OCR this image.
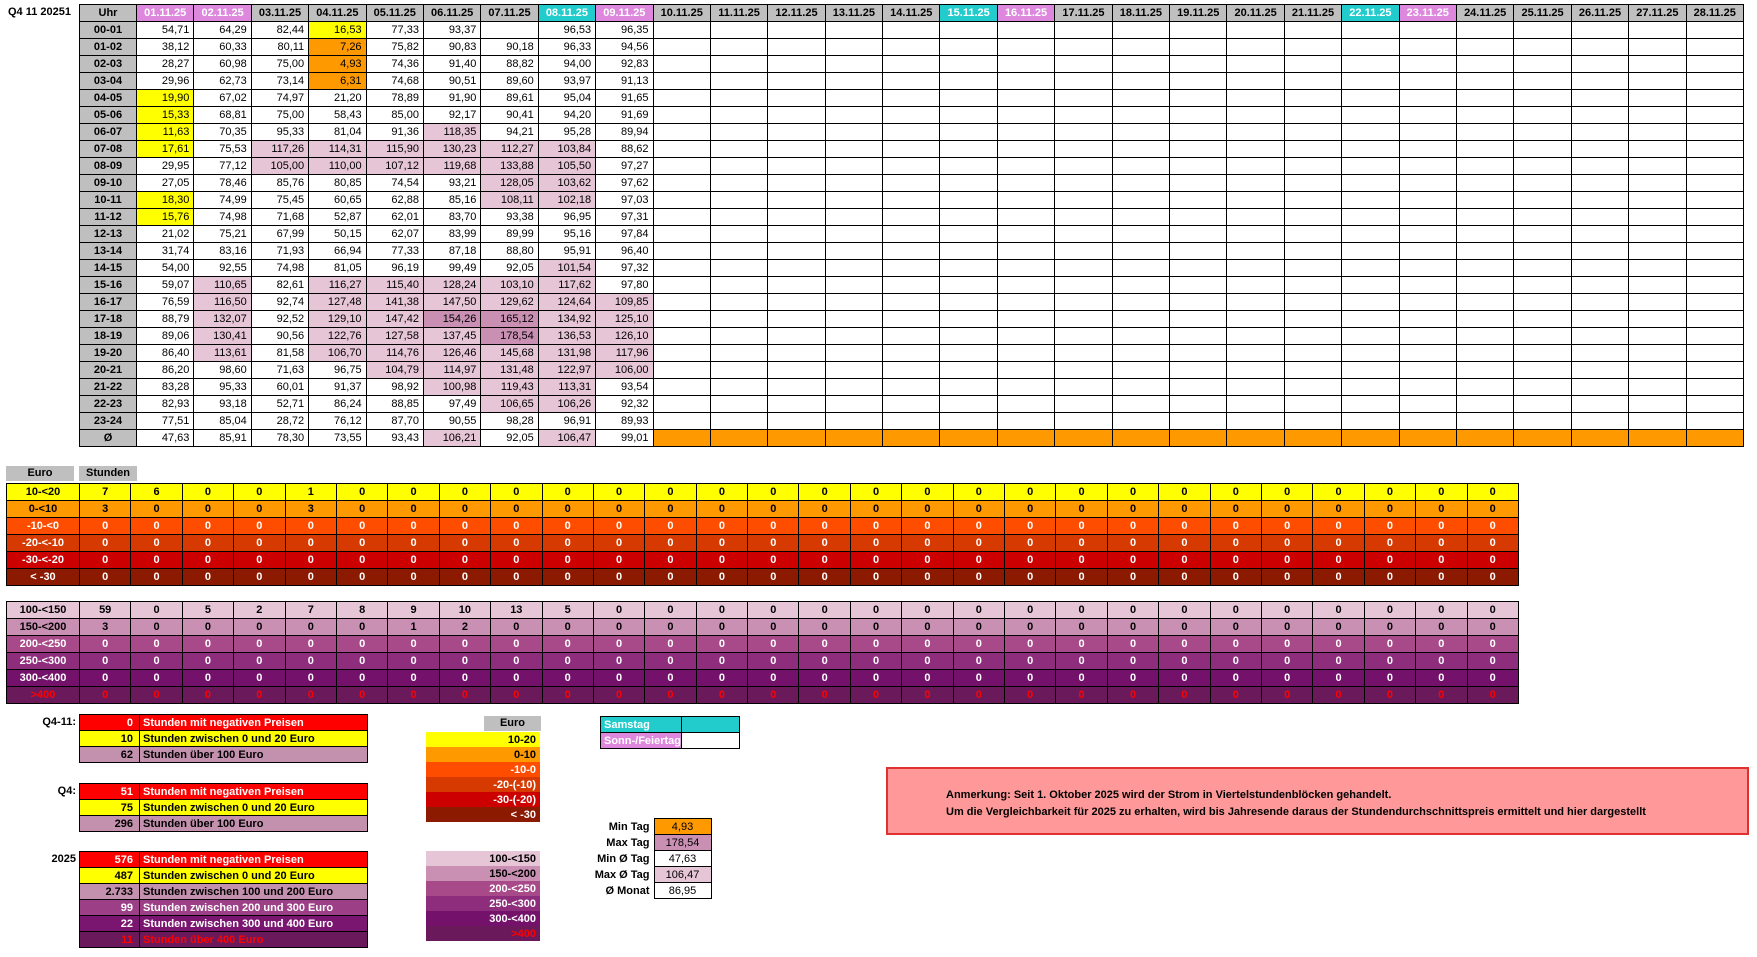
Q4 11 20251	Uhr	01.11.25	02.11.25	03.11.25	04.11.25	05.11.25	06.11.25	07.11.25	08.11.25	09.11.25	10.11.25	11.11.25	12.11.25	13.11.25	14.11.25	15.11.25	16.11.25	17.11.25	18.11.25	19.11.25	20.11.25	21.11.25	22.11.25	23.11.25	24.11.25	25.11.25	26.11.25	27.11.25	28.11.25
00-01	54,71	64,29	82,44	16,53	77,33	93,37		96,53	96,35																			
01-02	38,12	60,33	80,11	7,26	75,82	90,83	90,18	96,33	94,56																			
02-03	28,27	60,98	75,00	4,93	74,36	91,40	88,82	94,00	92,83																			
03-04	29,96	62,73	73,14	6,31	74,68	90,51	89,60	93,97	91,13																			
04-05	19,90	67,02	74,97	21,20	78,89	91,90	89,61	95,04	91,65																			
05-06	15,33	68,81	75,00	58,43	85,00	92,17	90,41	94,20	91,69																			
06-07	11,63	70,35	95,33	81,04	91,36	118,35	94,21	95,28	89,94																			
07-08	17,61	75,53	117,26	114,31	115,90	130,23	112,27	103,84	88,62																			
08-09	29,95	77,12	105,00	110,00	107,12	119,68	133,88	105,50	97,27																			
09-10	27,05	78,46	85,76	80,85	74,54	93,21	128,05	103,62	97,62																			
10-11	18,30	74,99	75,45	60,65	62,88	85,16	108,11	102,18	97,03																			
11-12	15,76	74,98	71,68	52,87	62,01	83,70	93,38	96,95	97,31																			
12-13	21,02	75,21	67,99	50,15	62,07	83,99	89,99	95,16	97,84																			
13-14	31,74	83,16	71,93	66,94	77,33	87,18	88,80	95,91	96,40																			
14-15	54,00	92,55	74,98	81,05	96,19	99,49	92,05	101,54	97,32																			
15-16	59,07	110,65	82,61	116,27	115,40	128,24	103,10	117,62	97,80																			
16-17	76,59	116,50	92,74	127,48	141,38	147,50	129,62	124,64	109,85																			
17-18	88,79	132,07	92,52	129,10	147,42	154,26	165,12	134,92	125,10																			
18-19	89,06	130,41	90,56	122,76	127,58	137,45	178,54	136,53	126,10																			
19-20	86,40	113,61	81,58	106,70	114,76	126,46	145,68	131,98	117,96																			
20-21	86,20	98,60	71,63	96,75	104,79	114,97	131,48	122,97	106,00																			
21-22	83,28	95,33	60,01	91,37	98,92	100,98	119,43	113,31	93,54																			
22-23	82,93	93,18	52,71	86,24	88,85	97,49	106,65	106,26	92,32																			
23-24	77,51	85,04	28,72	76,12	87,70	90,55	98,28	96,91	89,93																			
Ø	47,63	85,91	78,30	73,55	93,43	106,21	92,05	106,47	99,01																			
Euro	Stunden
10-<20	7	6	0	0	1	0	0	0	0	0	0	0	0	0	0	0	0	0	0	0	0	0	0	0	0	0	0	0
0-<10	3	0	0	0	3	0	0	0	0	0	0	0	0	0	0	0	0	0	0	0	0	0	0	0	0	0	0	0
-10-<0	0	0	0	0	0	0	0	0	0	0	0	0	0	0	0	0	0	0	0	0	0	0	0	0	0	0	0	0
-20-<-10	0	0	0	0	0	0	0	0	0	0	0	0	0	0	0	0	0	0	0	0	0	0	0	0	0	0	0	0
-30-<-20	0	0	0	0	0	0	0	0	0	0	0	0	0	0	0	0	0	0	0	0	0	0	0	0	0	0	0	0
< -30	0	0	0	0	0	0	0	0	0	0	0	0	0	0	0	0	0	0	0	0	0	0	0	0	0	0	0	0
100-<150	59	0	5	2	7	8	9	10	13	5	0	0	0	0	0	0	0	0	0	0	0	0	0	0	0	0	0	0
150-<200	3	0	0	0	0	0	1	2	0	0	0	0	0	0	0	0	0	0	0	0	0	0	0	0	0	0	0	0
200-<250	0	0	0	0	0	0	0	0	0	0	0	0	0	0	0	0	0	0	0	0	0	0	0	0	0	0	0	0
250-<300	0	0	0	0	0	0	0	0	0	0	0	0	0	0	0	0	0	0	0	0	0	0	0	0	0	0	0	0
300-<400	0	0	0	0	0	0	0	0	0	0	0	0	0	0	0	0	0	0	0	0	0	0	0	0	0	0	0	0
>400	0	0	0	0	0	0	0	0	0	0	0	0	0	0	0	0	0	0	0	0	0	0	0	0	0	0	0	0
Q4-11:	0	Stunden mit negativen Preisen
10	Stunden zwischen 0 und 20 Euro
62	Stunden über 100 Euro
Q4:	51	Stunden mit negativen Preisen
75	Stunden zwischen 0 und 20 Euro
296	Stunden über 100 Euro
2025	576	Stunden mit negativen Preisen
487	Stunden zwischen 0 und 20 Euro
2.733	Stunden zwischen 100 und 200 Euro
99	Stunden zwischen 200 und 300 Euro
22	Stunden zwischen 300 und 400 Euro
11	Stunden über 400 Euro
Euro
10-20
0-10
-10-0
-20-(-10)
-30-(-20)
< -30
100-<150
150-<200
200-<250
250-<300
300-<400
>400
Samstag	
Sonn-/Feiertag	
Min Tag	4,93
Max Tag	178,54
Min Ø Tag	47,63
Max Ø Tag	106,47
Ø Monat	86,95
Anmerkung: Seit 1. Oktober 2025 wird der Strom in Viertelstundenblöcken gehandelt.
Um die Vergleichbarkeit für 2025 zu erhalten, wird bis Jahresende daraus der Stundendurchschnittspreis ermittelt und hier dargestellt
